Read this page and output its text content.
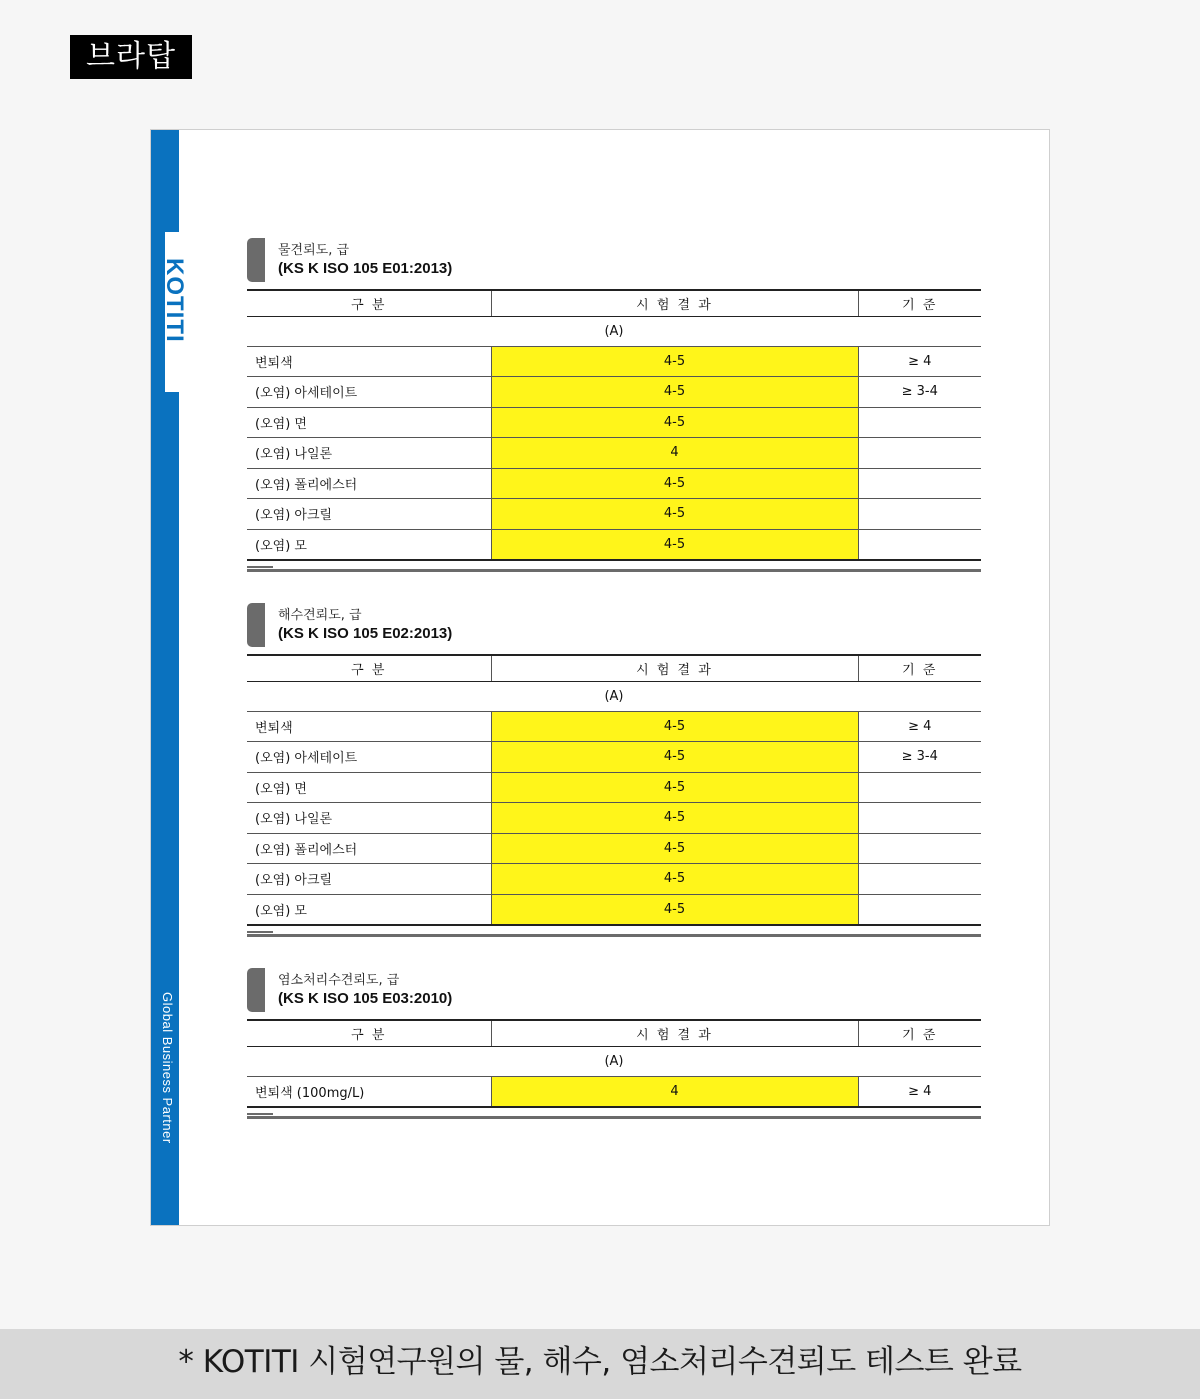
브라탑
KOTITI
Global Business Partner
물견뢰도, 급
(KS K ISO 105 E01:2013)
구 분	시 험 결 과	기 준
(A)		
변퇴색	4-5	≥ 4
(오염) 아세테이트	4-5	≥ 3-4
(오염) 면	4-5	
(오염) 나일론	4	
(오염) 폴리에스터	4-5	
(오염) 아크릴	4-5	
(오염) 모	4-5	
해수견뢰도, 급
(KS K ISO 105 E02:2013)
구 분	시 험 결 과	기 준
(A)		
변퇴색	4-5	≥ 4
(오염) 아세테이트	4-5	≥ 3-4
(오염) 면	4-5	
(오염) 나일론	4-5	
(오염) 폴리에스터	4-5	
(오염) 아크릴	4-5	
(오염) 모	4-5	
염소처리수견뢰도, 급
(KS K ISO 105 E03:2010)
구 분	시 험 결 과	기 준
(A)		
변퇴색 (100mg/L)	4	≥ 4
* KOTITI 시험연구원의 물, 해수, 염소처리수견뢰도 테스트 완료
